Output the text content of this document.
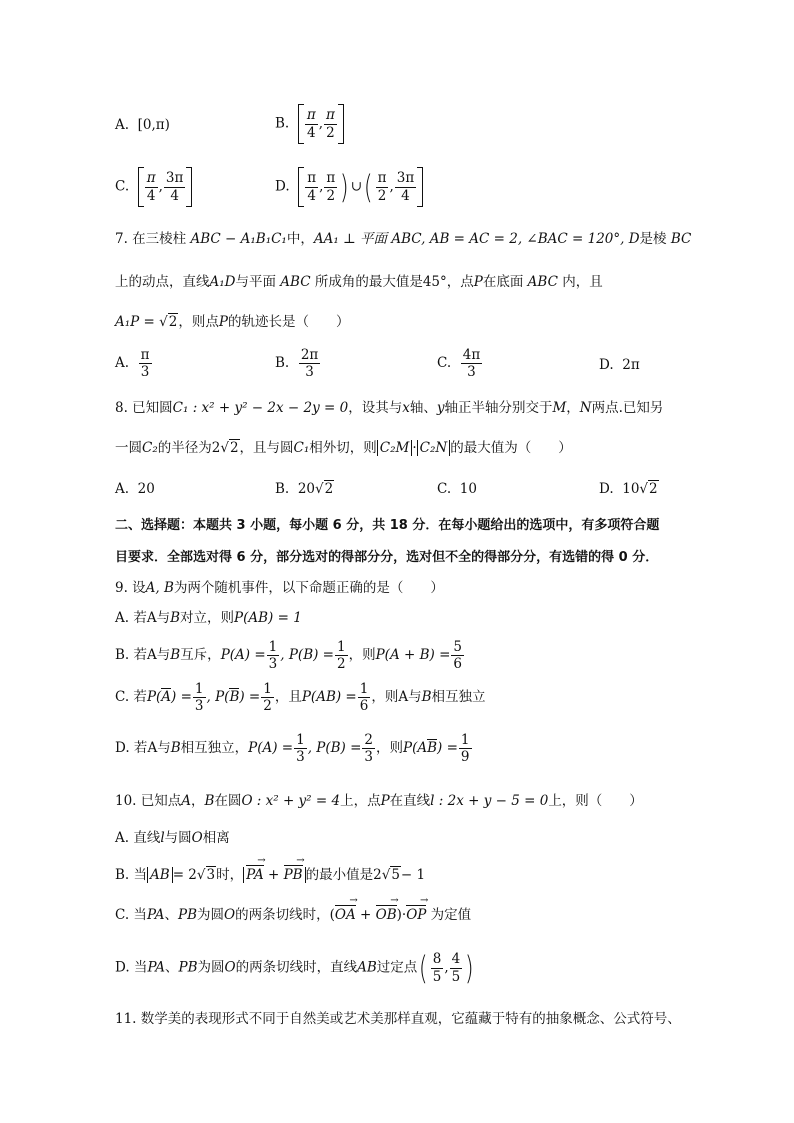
A. [0,π)	B. $\frac{\pi}{4}$ , $\frac{\pi}{2}$
C. $\frac{\pi}{4}$ , $\frac{3\pi}{4}$	D. $\frac{\pi}{4}$ , $\frac{\pi}{2}$ ) ∪( $\frac{\pi}{2}$ , $\frac{3\pi}{4}$
7. 在三棱柱 ABC − A₁B₁C₁中，AA₁ ⊥ 平面 ABC, AB = AC = 2, ∠BAC = 120°, D是棱 BC
上的动点，直线A₁D与平面 ABC 所成角的最大值是45°，点P在底面 ABC 内，且
A₁P = √2，则点P的轨迹长是（　　）
A. $\frac{\pi}{3}$	B. $\frac{2\pi}{3}$	C. $\frac{4\pi}{3}$	D. 2π
8. 已知圆C₁ : x² + y² − 2x − 2y = 0，设其与x轴、y轴正半轴分别交于M，N两点.已知另
一圆C₂的半径为2√2，且与圆C₁相外切，则 C₂M · C₂N 的最大值为（　　）
A. 20	B. 20√2	C. 10	D. 10√2
二、选择题：本题共 3 小题，每小题 6 分，共 18 分．在每小题给出的选项中，有多项符合题
目要求．全部选对得 6 分，部分选对的得部分分，选对但不全的得部分分，有选错的得 0 分．
9. 设A, B为两个随机事件，以下命题正确的是（　　）
A. 若A与B对立，则P(AB) = 1
B. 若A与B互斥，$P(A) = \frac{1}{3}$ , $P(B) = \frac{1}{2}$ ，则$P(A + B) = \frac{5}{6}$
C. 若$P(A) = \frac{1}{3}$ , $P(B) = \frac{1}{2}$ ，且$P(AB) = \frac{1}{6}$ ，则A与B相互独立
D. 若A与B相互独立，$P(A) = \frac{1}{3}$ , $P(B) = \frac{2}{3}$ ，则$P(AB) = \frac{1}{9}$
10. 已知点A，B在圆O : x² + y² = 4上，点P在直线l : 2x + y − 5 = 0上，则（　　）
A. 直线l与圆O相离
B. 当 AB = 2√3时， PA → + PB → 的最小值是2√5− 1
C. 当PA、PB为圆O的两条切线时，(OA → + OB →)·OP → 为定值
D. 当PA、PB为圆O的两条切线时，直线AB过定点( $\frac{8}{5}$ , $\frac{4}{5}$ )
11. 数学美的表现形式不同于自然美或艺术美那样直观，它蕴藏于特有的抽象概念、公式符号、
